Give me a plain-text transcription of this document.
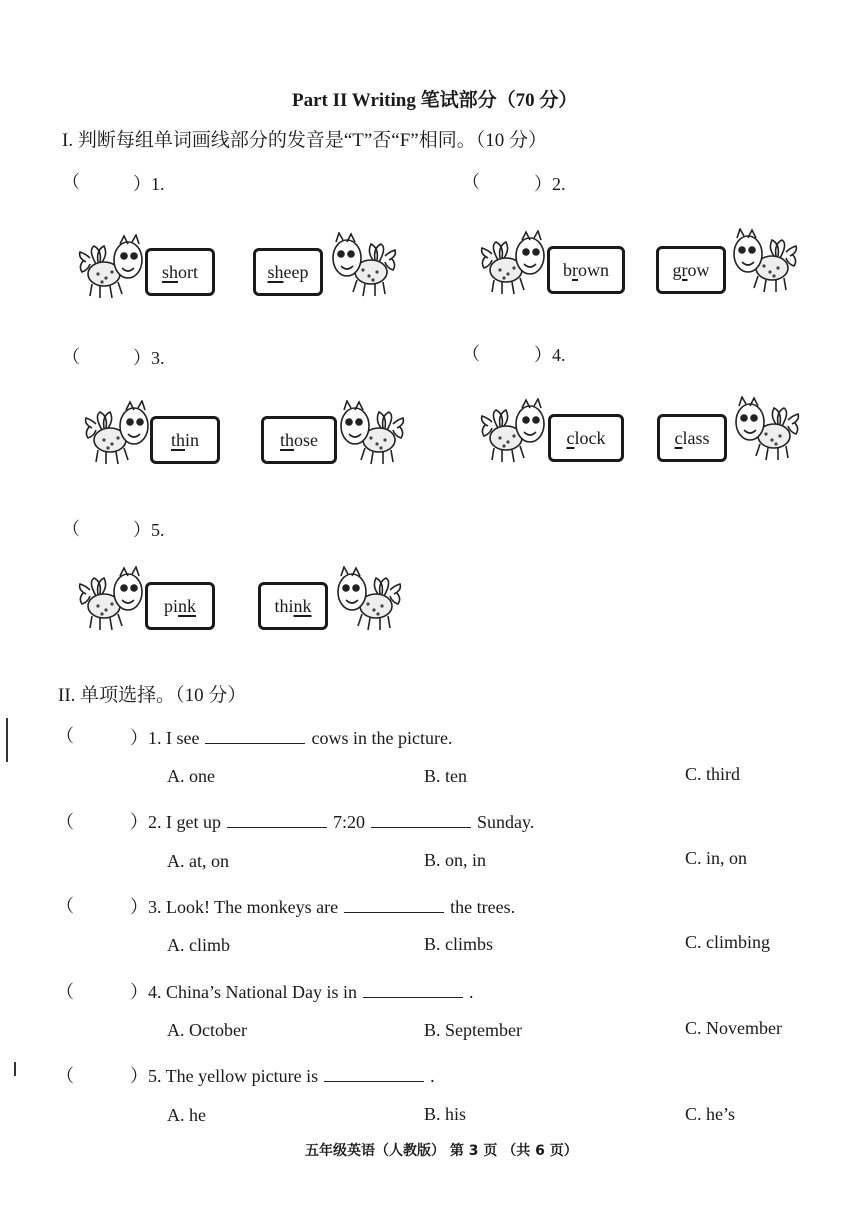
Part II Writing 笔试部分（70 分）
I. 判断每组单词画线部分的发音是“T”否“F”相同。（10 分）
（	）1.	（	）2.
（	）3.	（	）4.
（	）5.
sh ort	sh eep	b r own	gr ow
th in	th ose	c lock	c lass
pi nk	thi nk
II. 单项选择。（10 分）
（	）1. I see	cows in the picture.
A. one	B. ten	C. third
（	）2. I get up	7:20	Sunday.
A. at, on	B. on, in	C. in, on
（	）3. Look! The monkeys are	the trees.
A. climb	B. climbs	C. climbing
（	）4. China’s National Day is in	.
A. October	B. September	C. November
（	）5. The yellow picture is	.
A. he	B. his	C. he’s
五年级英语（人教版） 第 3 页 （共 6 页）
